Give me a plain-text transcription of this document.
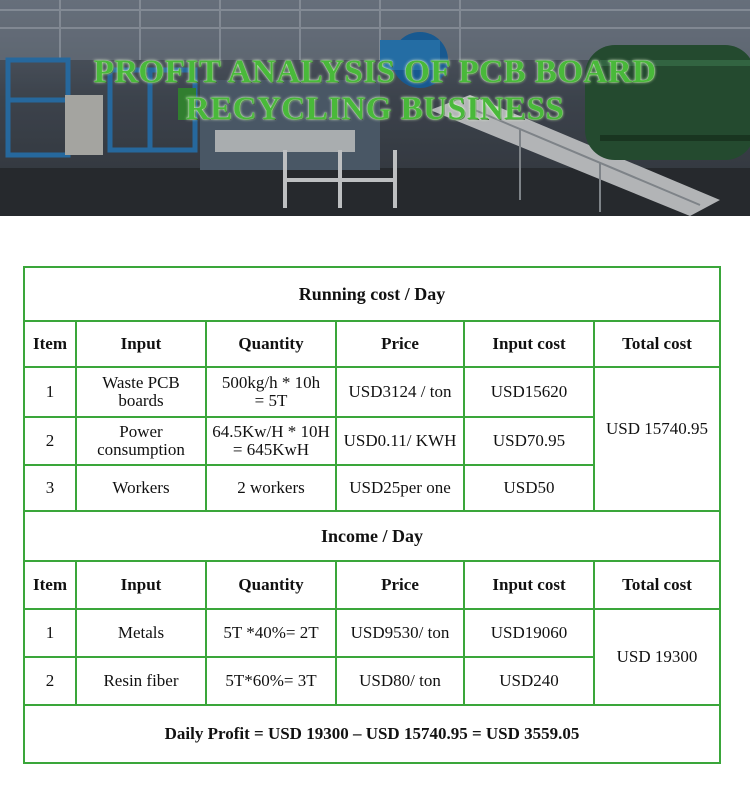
PROFIT ANALYSIS OF PCB BOARD
RECYCLING BUSINESS
Running cost / Day					
Item	Input	Quantity	Price	Input cost	Total cost
1	Waste PCB boards	500kg/h * 10h = 5T	USD3124 / ton	USD15620	USD 15740.95
2	Power consumption	64.5Kw/H * 10H = 645KwH	USD0.11/ KWH	USD70.95	
3	Workers	2 workers	USD25per one	USD50	
Income / Day					
Item	Input	Quantity	Price	Input cost	Total cost
1	Metals	5T *40%= 2T	USD9530/ ton	USD19060	USD 19300
2	Resin fiber	5T*60%= 3T	USD80/ ton	USD240	
Daily Profit = USD 19300 – USD 15740.95 = USD 3559.05					
